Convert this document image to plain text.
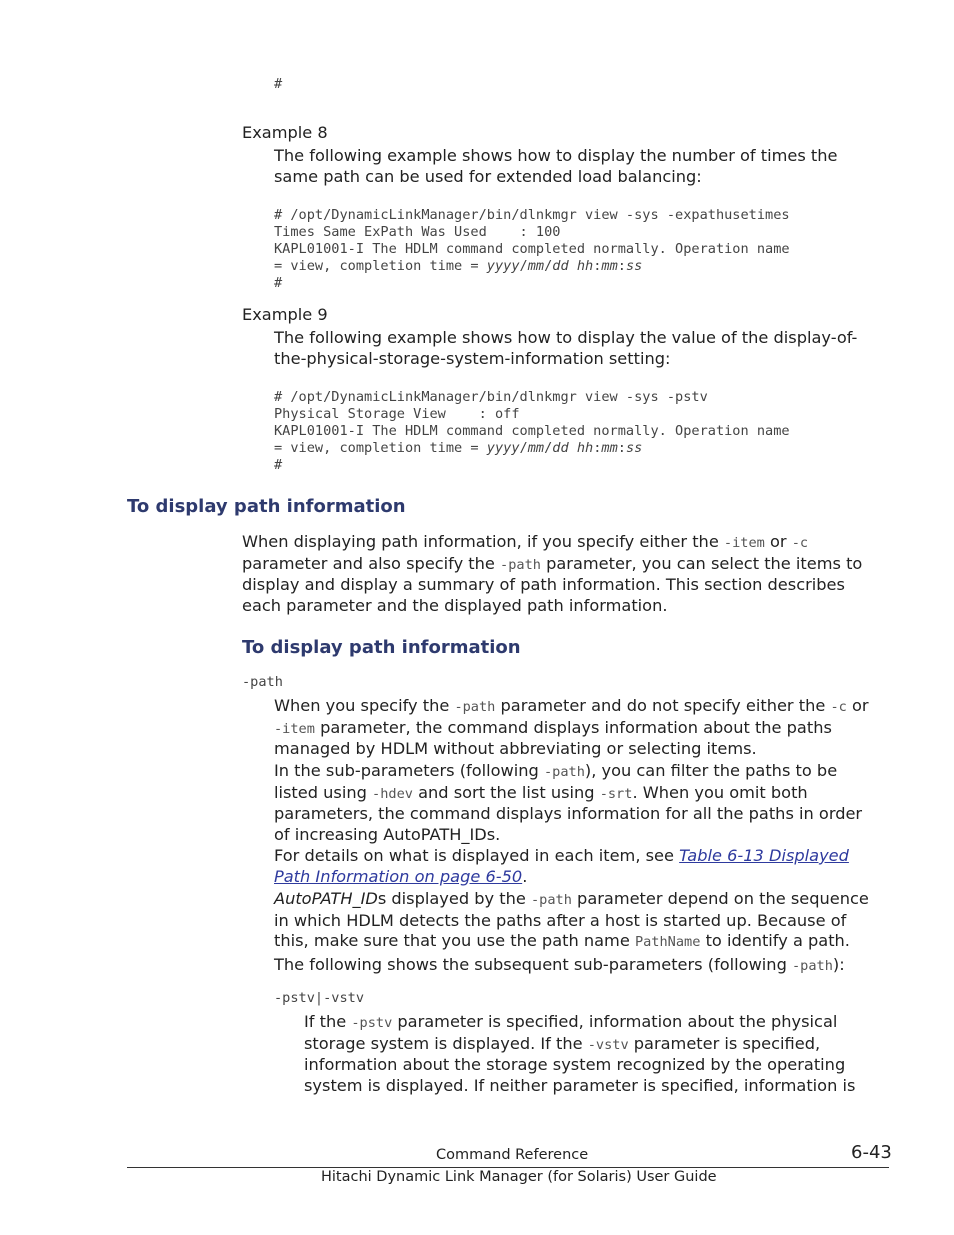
#
Example 8

The following example shows how to display the number of times the

same path can be used for extended load balancing:

# /opt/DynamicLinkManager/bin/dlnkmgr view -sys -expathusetimes
Times Same ExPath Was Used    : 100
KAPL01001-I The HDLM command completed normally. Operation name
= view, completion time = yyyy/mm/dd hh:mm:ss
#
Example 9

The following example shows how to display the value of the display-of-

the-physical-storage-system-information setting:

# /opt/DynamicLinkManager/bin/dlnkmgr view -sys -pstv
Physical Storage View    : off
KAPL01001-I The HDLM command completed normally. Operation name
= view, completion time = yyyy/mm/dd hh:mm:ss
#
To display path information

When displaying path information, if you specify either the -item or -c

parameter and also specify the -path parameter, you can select the items to

display and display a summary of path information. This section describes

each parameter and the displayed path information.

To display path information
-path

When you specify the -path parameter and do not specify either the -c or

-item parameter, the command displays information about the paths

managed by HDLM without abbreviating or selecting items.

In the sub-parameters (following -path), you can filter the paths to be

listed using -hdev and sort the list using -srt. When you omit both

parameters, the command displays information for all the paths in order

of increasing AutoPATH_IDs.

For details on what is displayed in each item, see Table 6-13 Displayed

Path Information on page 6-50.

AutoPATH_IDs displayed by the -path parameter depend on the sequence

in which HDLM detects the paths after a host is started up. Because of

this, make sure that you use the path name PathName to identify a path.

The following shows the subsequent sub-parameters (following -path):

-pstv|-vstv

If the -pstv parameter is specified, information about the physical

storage system is displayed. If the -vstv parameter is specified,

information about the storage system recognized by the operating

system is displayed. If neither parameter is specified, information is

Command Reference	6-43
Hitachi Dynamic Link Manager (for Solaris) User Guide
